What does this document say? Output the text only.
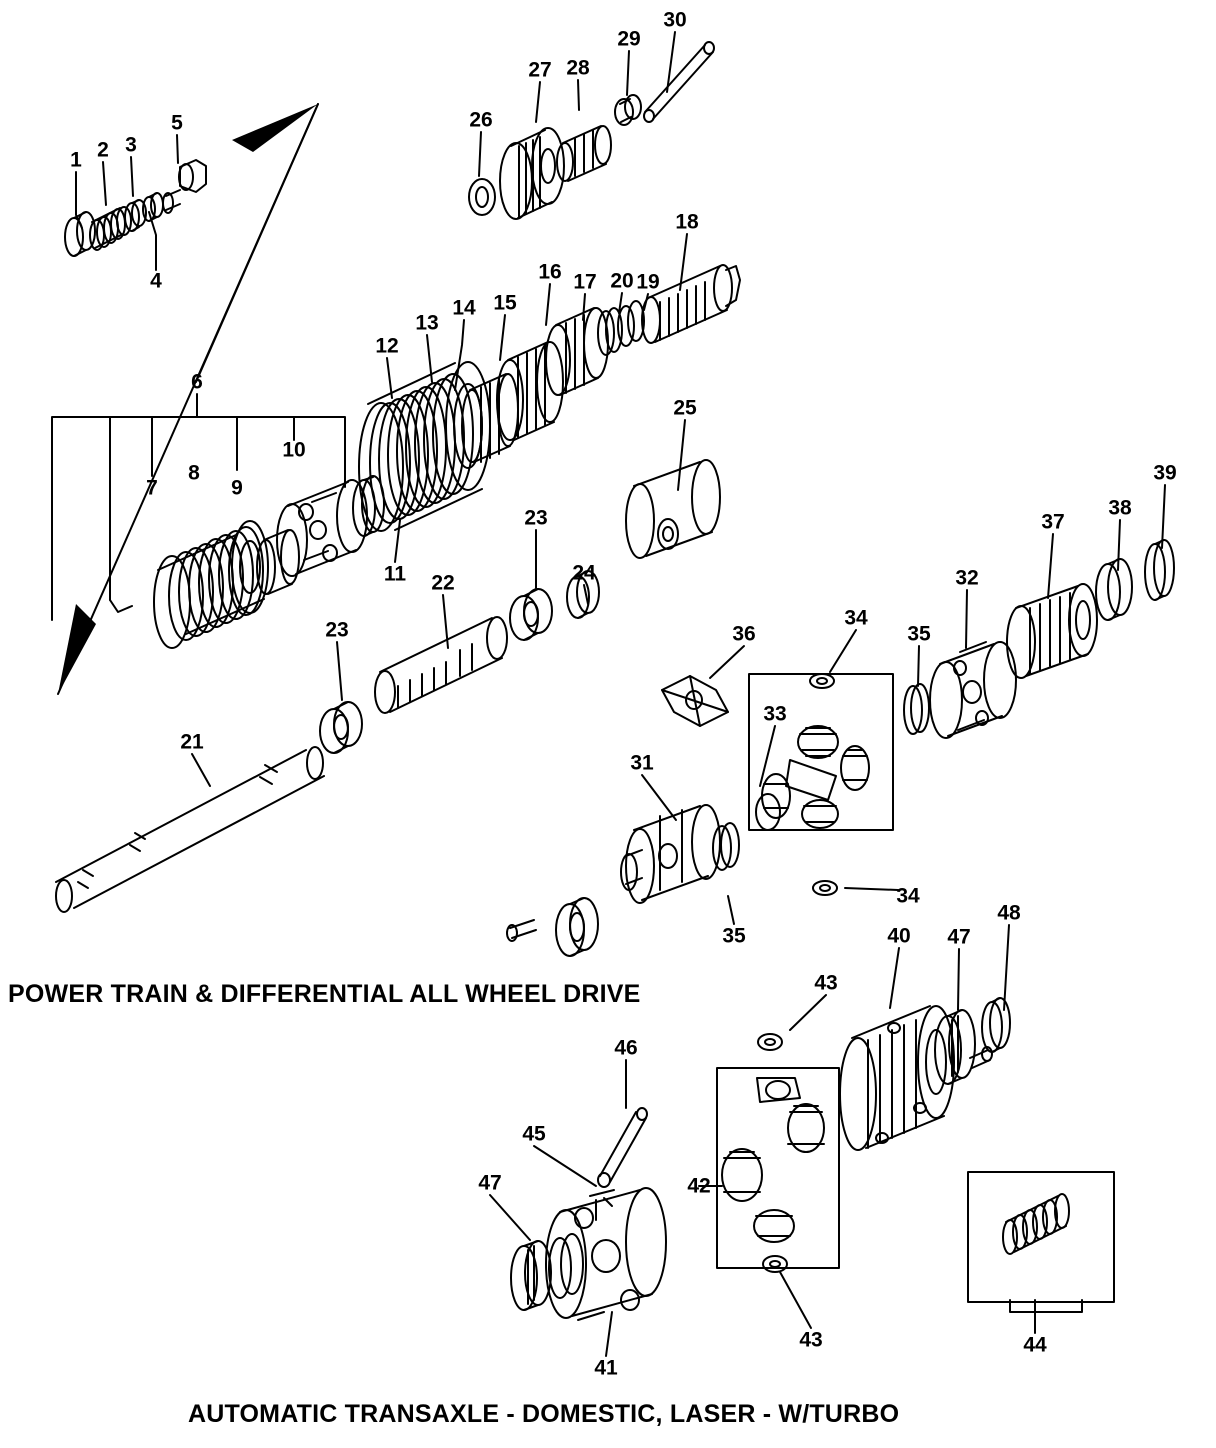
1 2 3
5
4
26
27 28
29
30
18
19
20
17
16
15
14
13
12
6
7
8
9
10
11
25
24
23
22
23
21
36
34
35
32
37
38
39
33
31
34
35
43
40 47
48
46
45
47	42
41
43	44
POWER TRAIN & DIFFERENTIAL ALL WHEEL DRIVE
AUTOMATIC TRANSAXLE - DOMESTIC, LASER - W/TURBO
